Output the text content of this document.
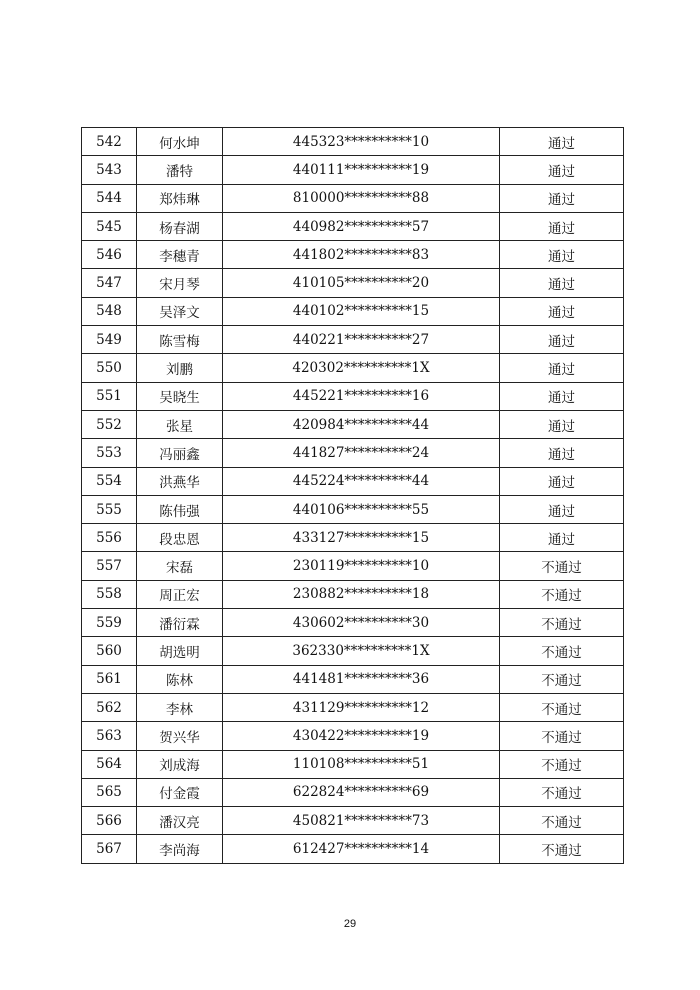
542	何水坤	445323**********10	通过
543	潘特	440111**********19	通过
544	郑炜琳	810000**********88	通过
545	杨春湖	440982**********57	通过
546	李穗青	441802**********83	通过
547	宋月琴	410105**********20	通过
548	吴泽文	440102**********15	通过
549	陈雪梅	440221**********27	通过
550	刘鹏	420302**********1X	通过
551	吴晓生	445221**********16	通过
552	张星	420984**********44	通过
553	冯丽鑫	441827**********24	通过
554	洪燕华	445224**********44	通过
555	陈伟强	440106**********55	通过
556	段忠恩	433127**********15	通过
557	宋磊	230119**********10	不通过
558	周正宏	230882**********18	不通过
559	潘衍霖	430602**********30	不通过
560	胡选明	362330**********1X	不通过
561	陈林	441481**********36	不通过
562	李林	431129**********12	不通过
563	贺兴华	430422**********19	不通过
564	刘成海	110108**********51	不通过
565	付金霞	622824**********69	不通过
566	潘汉亮	450821**********73	不通过
567	李尚海	612427**********14	不通过
29
